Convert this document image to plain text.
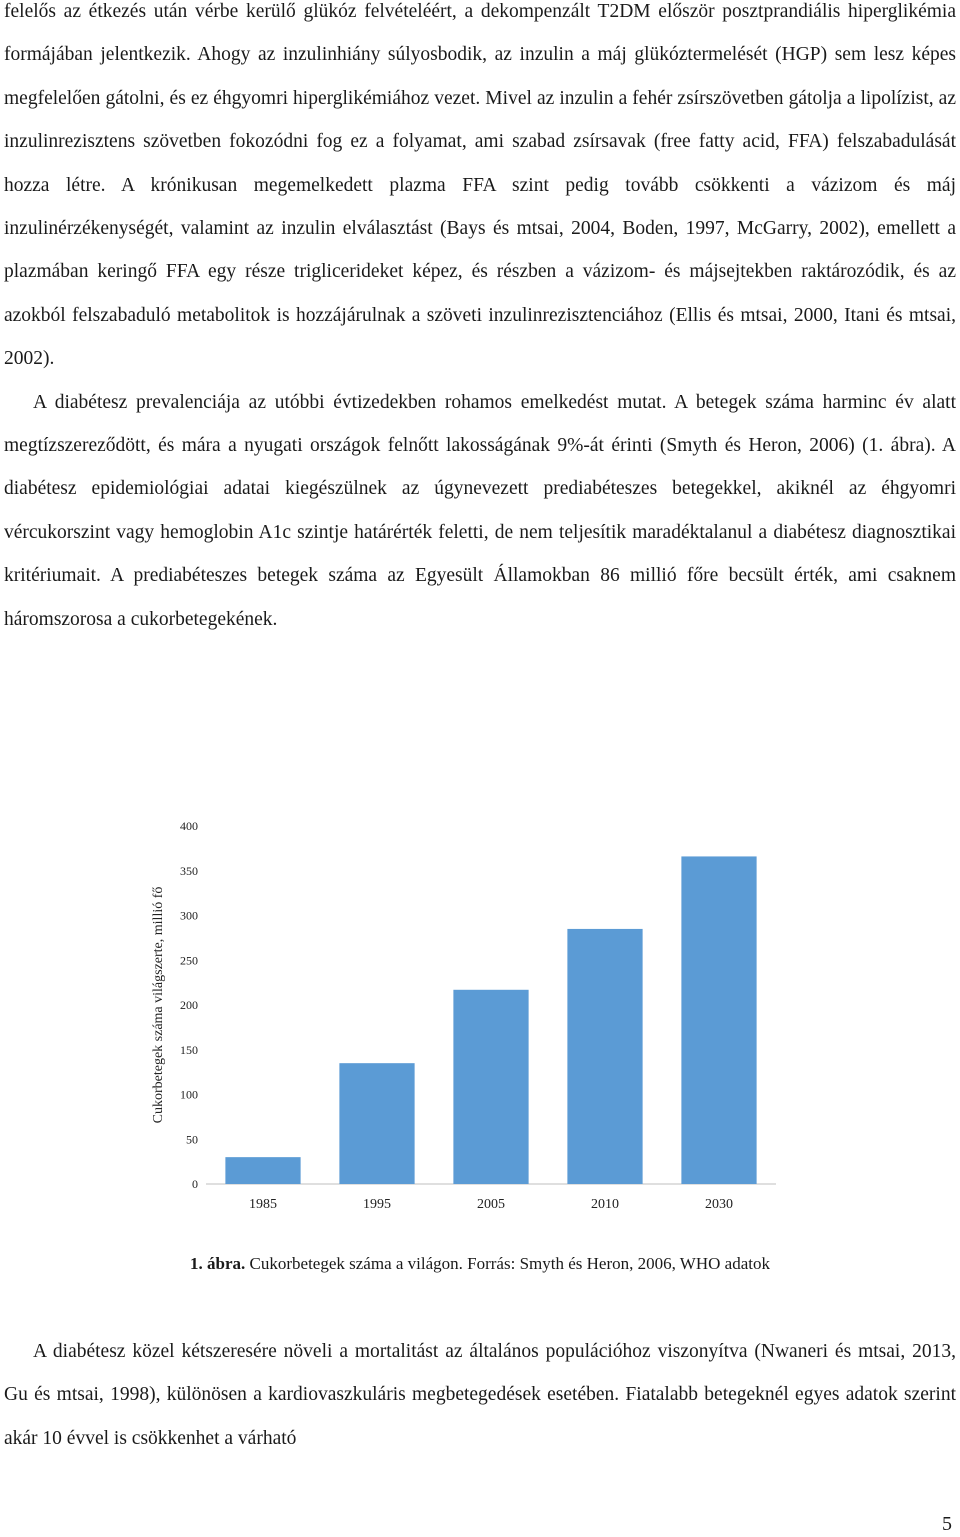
felelős az étkezés után vérbe kerülő glükóz felvételéért, a dekompenzált T2DM először posztprandiális hiperglikémia formájában jelentkezik. Ahogy az inzulinhiány súlyosbodik, az inzulin a máj glükóztermelését (HGP) sem lesz képes megfelelően gátolni, és ez éhgyomri hiperglikémiához vezet. Mivel az inzulin a fehér zsírszövetben gátolja a lipolízist, az inzulinrezisztens szövetben fokozódni fog ez a folyamat, ami szabad zsírsavak (free fatty acid, FFA) felszabadulását hozza létre. A krónikusan megemelkedett plazma FFA szint pedig tovább csökkenti a vázizom és máj inzulinérzékenységét, valamint az inzulin elválasztást (Bays és mtsai, 2004, Boden, 1997, McGarry, 2002), emellett a plazmában keringő FFA egy része triglicerideket képez, és részben a vázizom- és májsejtekben raktározódik, és az azokból felszabaduló metabolitok is hozzájárulnak a szöveti inzulinrezisztenciához (Ellis és mtsai, 2000, Itani és mtsai, 2002).

A diabétesz prevalenciája az utóbbi évtizedekben rohamos emelkedést mutat. A betegek száma harminc év alatt megtízszereződött, és mára a nyugati országok felnőtt lakosságának 9%-át érinti (Smyth és Heron, 2006) (1. ábra). A diabétesz epidemiológiai adatai kiegészülnek az úgynevezett prediabéteszes betegekkel, akiknél az éhgyomri vércukorszint vagy hemoglobin A1c szintje határérték feletti, de nem teljesítik maradéktalanul a diabétesz diagnosztikai kritériumait. A prediabéteszes betegek száma az Egyesült Államokban 86 millió főre becsült érték, ami csaknem háromszorosa a cukorbetegekének.

0
50
100
150
200
250
300
350
400
1985	1995	2005	2010	2030
Cukorbetegek száma világszerte, millió fő
1. ábra. Cukorbetegek száma a világon. Forrás: Smyth és Heron, 2006, WHO adatok

A diabétesz közel kétszeresére növeli a mortalitást az általános populációhoz viszonyítva (Nwaneri és mtsai, 2013, Gu és mtsai, 1998), különösen a kardiovaszkuláris megbetegedések esetében. Fiatalabb betegeknél egyes adatok szerint akár 10 évvel is csökkenhet a várható

5
